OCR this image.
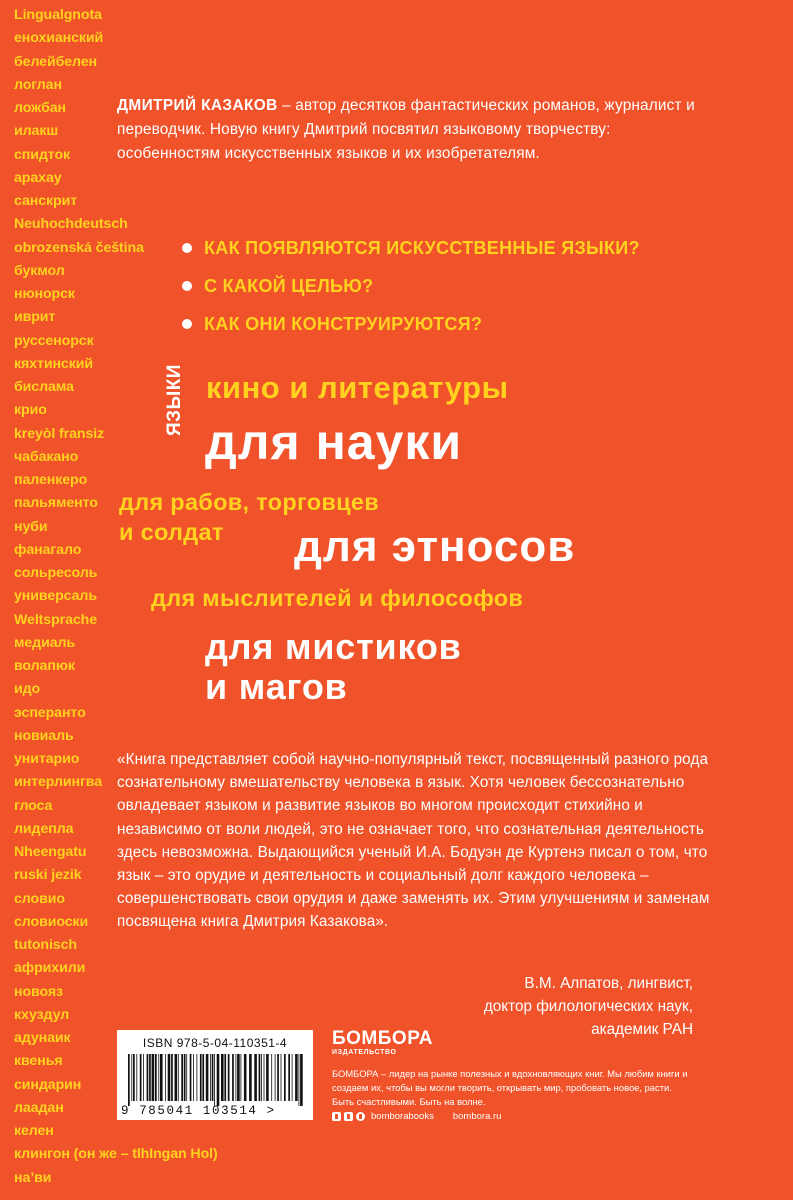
Lingualgnota
енохианский
белейбелен
логлан
ложбан
илакш
спидток
арахау
санскрит
Neuhochdeutsch
obrozenská čeština
букмол
нюнорск
иврит
руссенорск
кяхтинский
бислама
крио
kreyòl fransiz
чабакано
паленкеро
пальяменто
нуби
фанагало
сольресоль
универсаль
Weltsprache
медиаль
волапюк
идо
эсперанто
новиаль
унитарио
интерлингва
глоса
лидепла
Nheengatu
ruski jezik
словио
словиоски
tutonisch
африхили
новояз
кхуздул
адунаик
квенья
синдарин
лаадан
келен
клингон (он же – tlhIngan Hol)
на’ви

ДМИТРИЙ КАЗАКОВ – автор десятков фантастических романов, журналист и переводчик. Новую книгу Дмитрий посвятил языковому творчеству: особенностям искусственных языков и их изобретателям.

КАК ПОЯВЛЯЮТСЯ ИСКУССТВЕННЫЕ ЯЗЫКИ?
С КАКОЙ ЦЕЛЬЮ?
КАК ОНИ КОНСТРУИРУЮТСЯ?
ЯЗЫКИ кино и литературы
для науки
для рабов, торговцев
и солдат для этносов
для мыслителей и философов
для мистиков
и магов

«Книга представляет собой научно-популярный текст, посвященный разного рода сознательному вмешательству человека в язык. Хотя человек бессознательно овладевает языком и развитие языков во многом происходит стихийно и независимо от воли людей, это не означает того, что сознательная деятельность здесь невозможна. Выдающийся ученый И.А. Бодуэн де Куртенэ писал о том, что язык – это орудие и деятельность и социальный долг каждого человека – совершенствовать свои орудия и даже заменять их. Этим улучшениям и заменам посвящена книга Дмитрия Казакова».

В.М. Алпатов, лингвист,
доктор филологических наук,
академик РАН

ISBN 978-5-04-110351-4
9 785041 103514 >
БОМБОРА
ИЗДАТЕЛЬСТВО

БОМБОРА – лидер на рынке полезных и вдохновляющих книг. Мы любим книги и создаем их, чтобы вы могли творить, открывать мир, пробовать новое, расти. Быть счастливыми. Быть на волне.

bomborabooks bombora.ru
